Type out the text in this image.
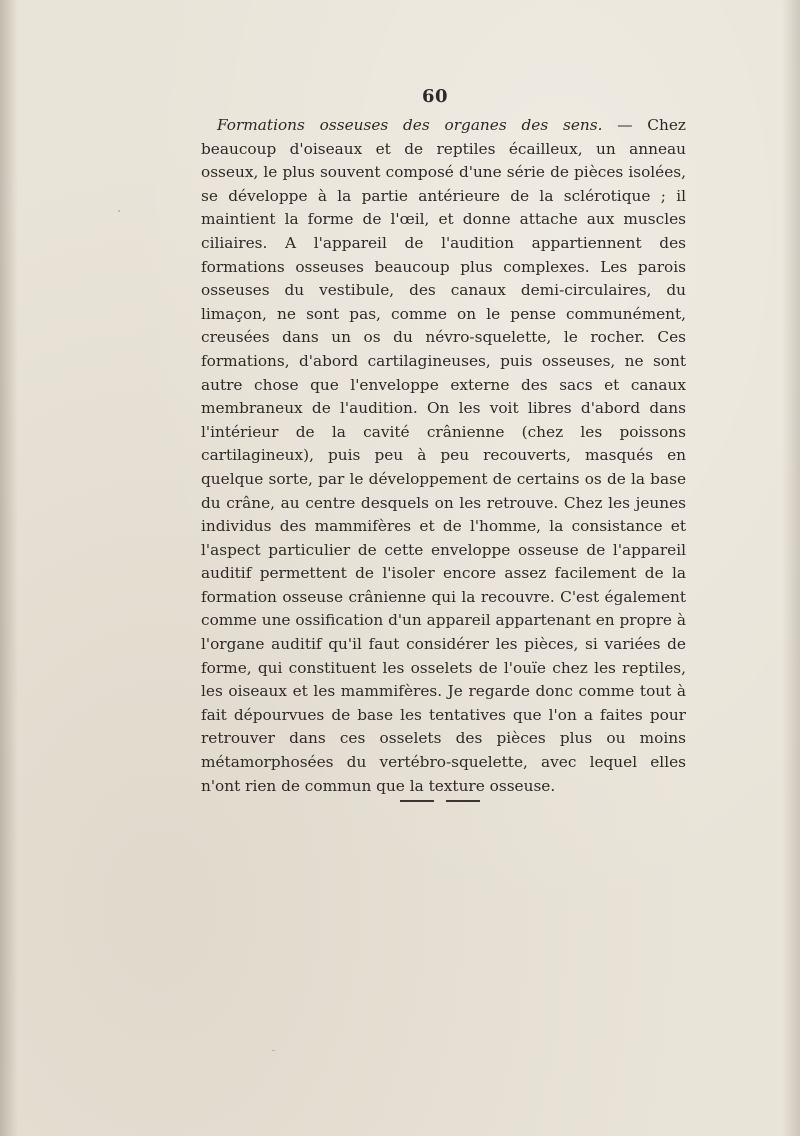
60

Formations osseuses des organes des sens. — Chez beaucoup d'oiseaux et de reptiles écailleux, un anneau osseux, le plus souvent composé d'une série de pièces isolées, se développe à la partie antérieure de la sclérotique ; il maintient la forme de l'œil, et donne attache aux muscles ciliaires. A l'appareil de l'audition appartiennent des formations osseuses beaucoup plus complexes. Les parois osseuses du vestibule, des canaux demi-circulaires, du limaçon, ne sont pas, comme on le pense communément, creusées dans un os du névro-squelette, le rocher. Ces formations, d'abord cartilagineuses, puis osseuses, ne sont autre chose que l'enveloppe externe des sacs et canaux membraneux de l'audition. On les voit libres d'abord dans l'intérieur de la cavité crânienne (chez les poissons cartilagineux), puis peu à peu recouverts, masqués en quelque sorte, par le développement de certains os de la base du crâne, au centre desquels on les retrouve. Chez les jeunes individus des mammifères et de l'homme, la consistance et l'aspect particulier de cette enveloppe osseuse de l'appareil auditif permettent de l'isoler encore assez facilement de la formation osseuse crânienne qui la recouvre. C'est également comme une ossification d'un appareil appartenant en propre à l'organe auditif qu'il faut considérer les pièces, si variées de forme, qui constituent les osselets de l'ouïe chez les reptiles, les oiseaux et les mammifères. Je regarde donc comme tout à fait dépourvues de base les tentatives que l'on a faites pour retrouver dans ces osselets des pièces plus ou moins métamorphosées du vertébro-squelette, avec lequel elles n'ont rien de commun que la texture osseuse.
